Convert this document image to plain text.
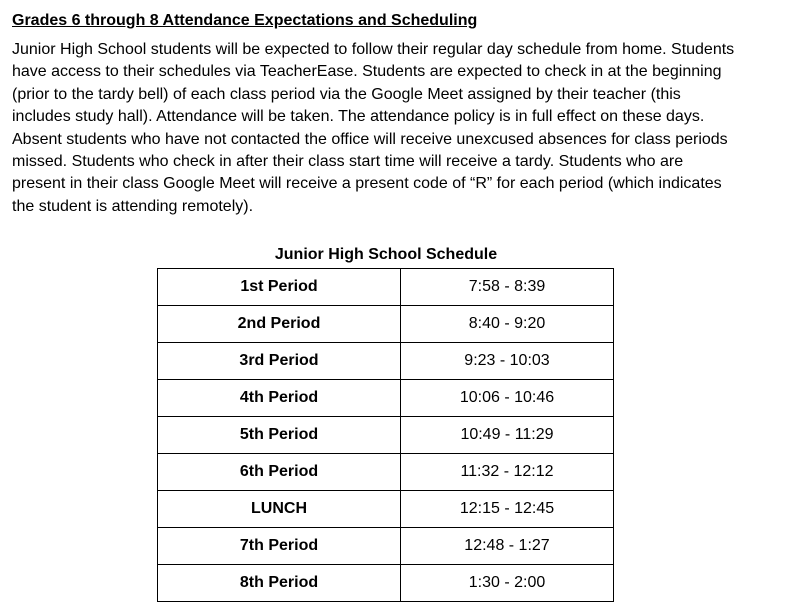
Grades 6 through 8 Attendance Expectations and Scheduling
Junior High School students will be expected to follow their regular day schedule from home. Students
have access to their schedules via TeacherEase. Students are expected to check in at the beginning
(prior to the tardy bell) of each class period via the Google Meet assigned by their teacher (this
includes study hall). Attendance will be taken. The attendance policy is in full effect on these days.
Absent students who have not contacted the office will receive unexcused absences for class periods
missed. Students who check in after their class start time will receive a tardy. Students who are
present in their class Google Meet will receive a present code of “R” for each period (which indicates
the student is attending remotely).
Junior High School Schedule
1st Period	7:58 - 8:39
2nd Period	8:40 - 9:20
3rd Period	9:23 - 10:03
4th Period	10:06 - 10:46
5th Period	10:49 - 11:29
6th Period	11:32 - 12:12
LUNCH	12:15 - 12:45
7th Period	12:48 - 1:27
8th Period	1:30 - 2:00
